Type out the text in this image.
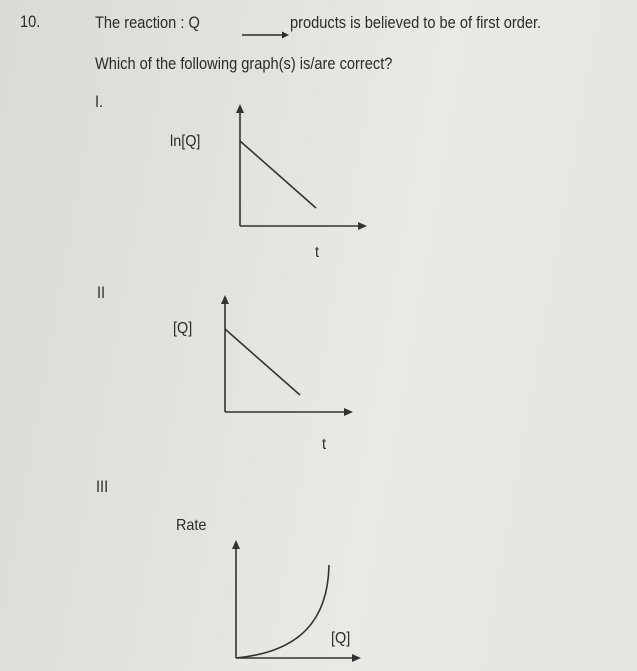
10.	The reaction : Q	products is believed to be of first order.
Which of the following graph(s) is/are correct?
I.
II
III
ln[Q]
t
[Q]
t
Rate
[Q]
